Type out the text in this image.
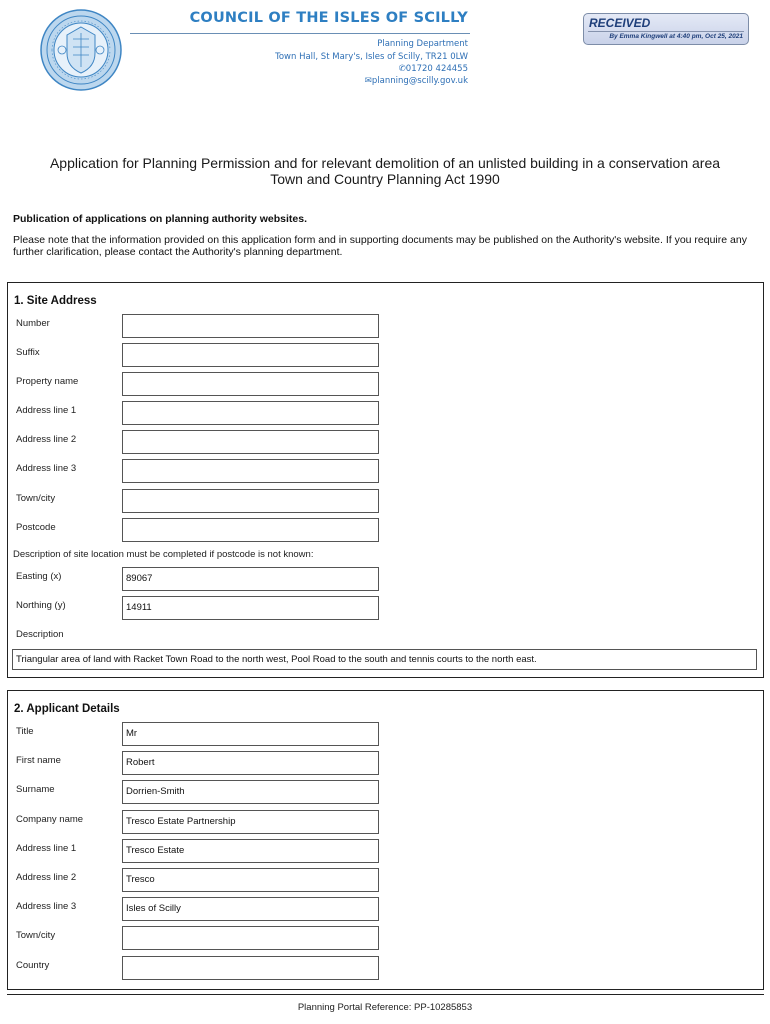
COUNCIL OF THE ISLES OF SCILLY
Planning Department
Town Hall, St Mary's, Isles of Scilly, TR21 0LW
✆01720 424455
✉planning@scilly.gov.uk
RECEIVED
By Emma Kingwell at 4:40 pm, Oct 25, 2021
Application for Planning Permission and for relevant demolition of an unlisted building in a conservation area
Town and Country Planning Act 1990
Publication of applications on planning authority websites.
Please note that the information provided on this application form and in supporting documents may be published on the Authority's website. If you require any further clarification, please contact the Authority's planning department.
1. Site Address
Number
Suffix
Property name
Address line 1
Address line 2
Address line 3
Town/city
Postcode
Description of site location must be completed if postcode is not known:
Easting (x)	89067
Northing (y)	14911
Description
Triangular area of land with Racket Town Road to the north west, Pool Road to the south and tennis courts to the north east.
2. Applicant Details
Title	Mr
First name	Robert
Surname	Dorrien-Smith
Company name	Tresco Estate Partnership
Address line 1	Tresco Estate
Address line 2	Tresco
Address line 3	Isles of Scilly
Town/city
Country
Planning Portal Reference: PP-10285853
